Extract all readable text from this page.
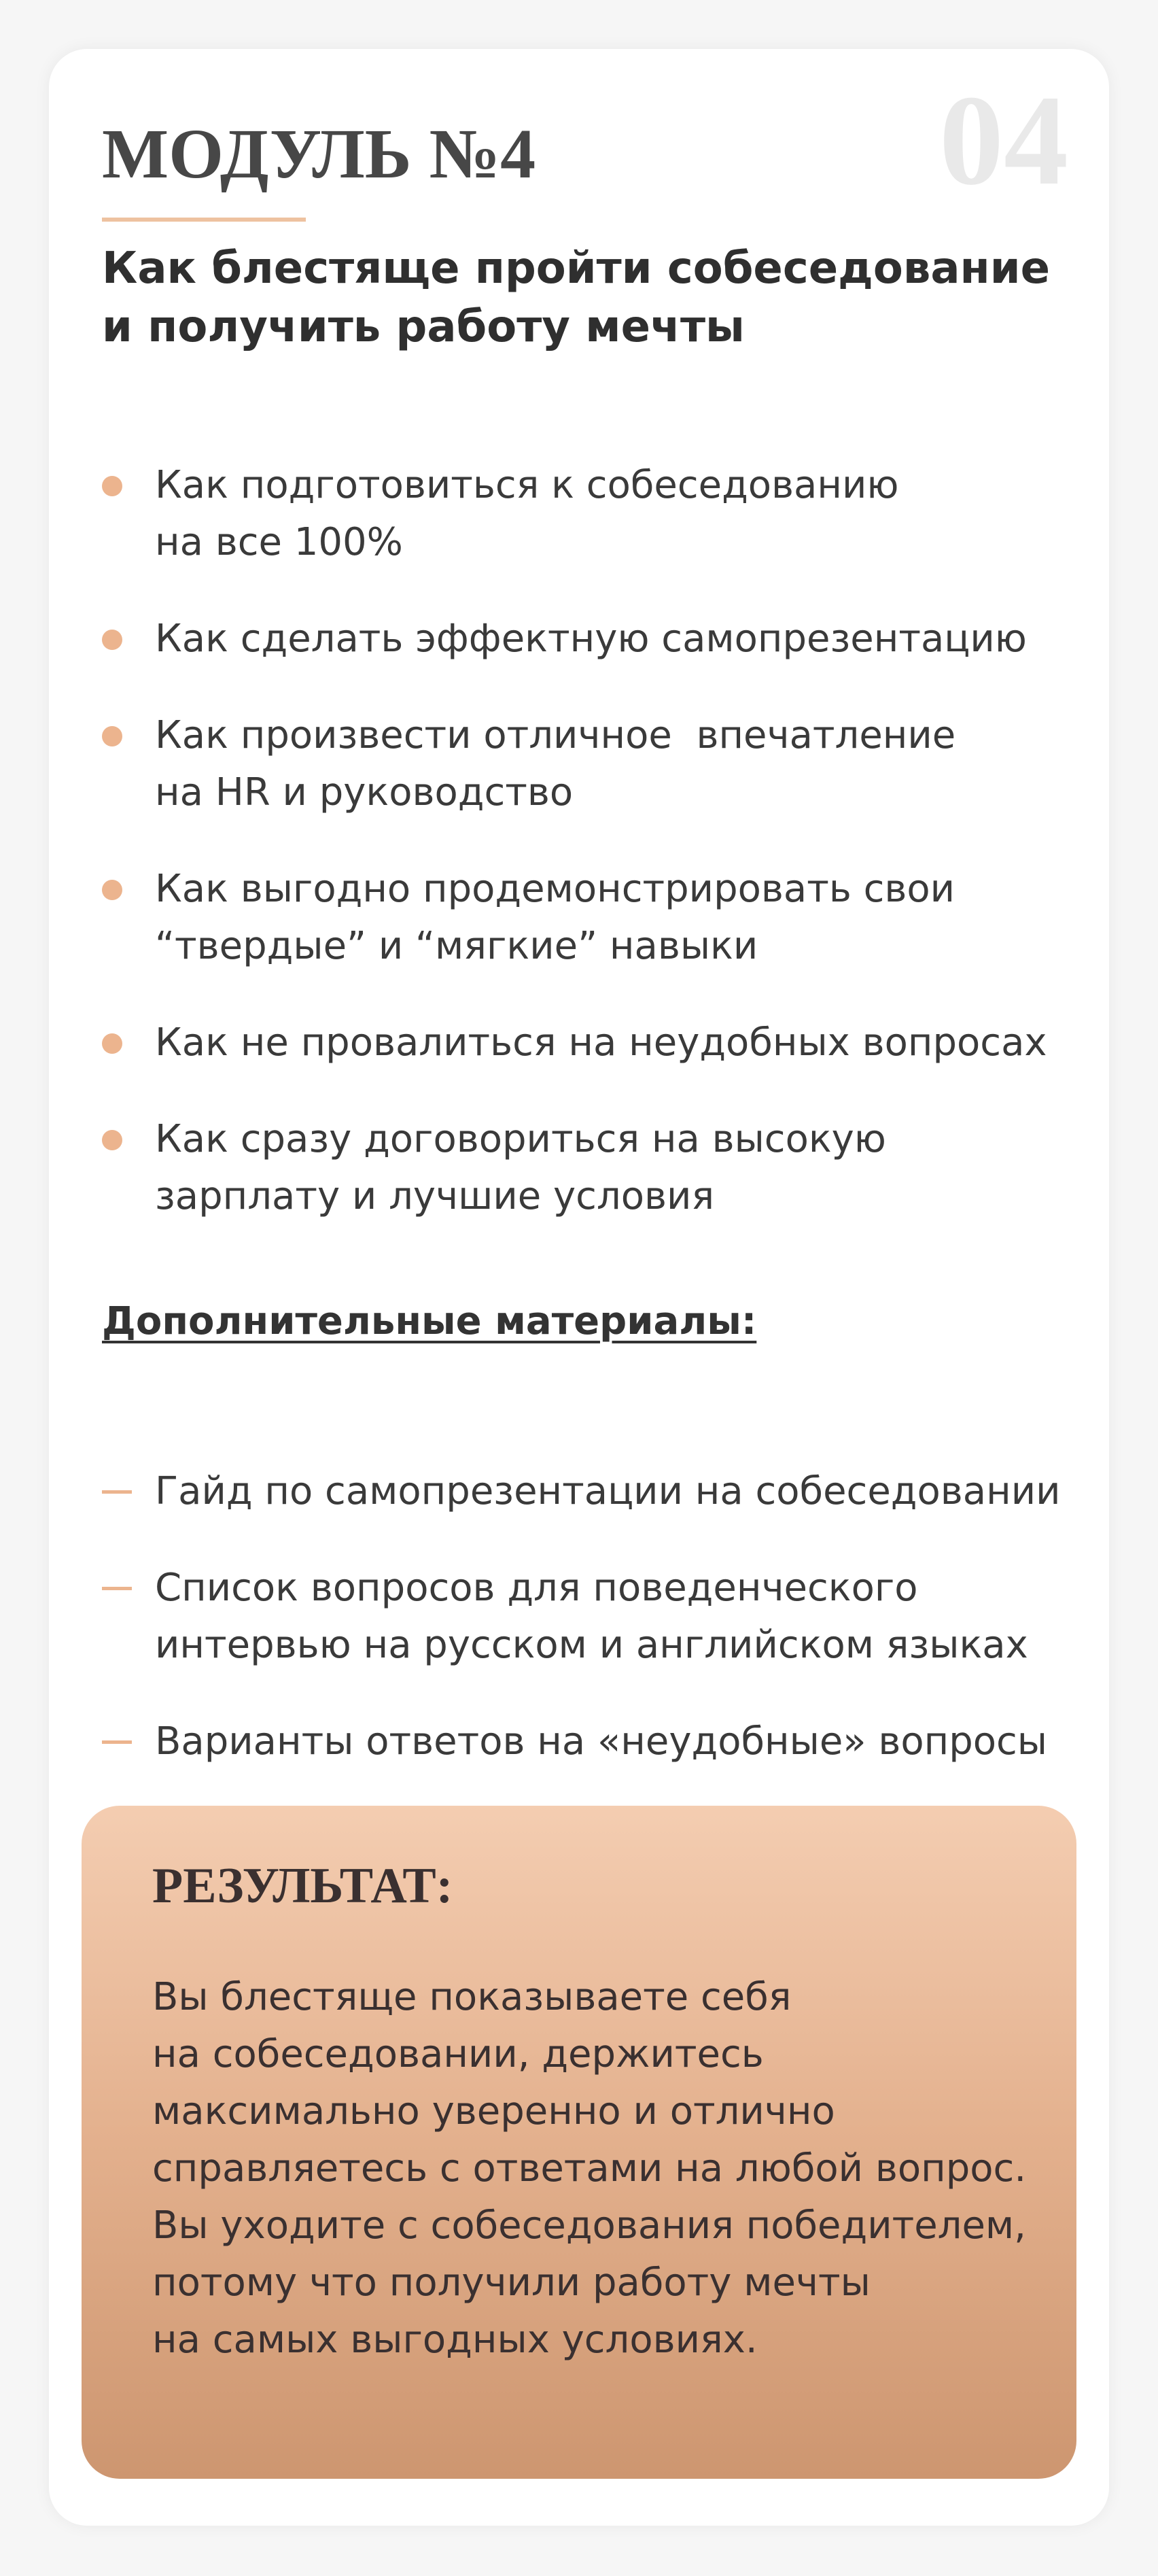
04
МОДУЛЬ №4
Как блестяще пройти собеседование
и получить работу мечты
Как подготовиться к собеседованию
на все 100%
Как сделать эффектную самопрезентацию
Как произвести отличное  впечатление
на HR и руководство
Как выгодно продемонстрировать свои
“твердые” и “мягкие” навыки
Как не провалиться на неудобных вопросах
Как сразу договориться на высокую
зарплату и лучшие условия
Дополнительные материалы:
Гайд по самопрезентации на собеседовании
Список вопросов для поведенческого
интервью на русском и английском языках
Варианты ответов на «неудобные» вопросы
РЕЗУЛЬТАТ:

Вы блестяще показываете себя
на собеседовании, держитесь
максимально уверенно и отлично
справляетесь с ответами на любой вопрос.
Вы уходите с собеседования победителем,
потому что получили работу мечты
на самых выгодных условиях.
